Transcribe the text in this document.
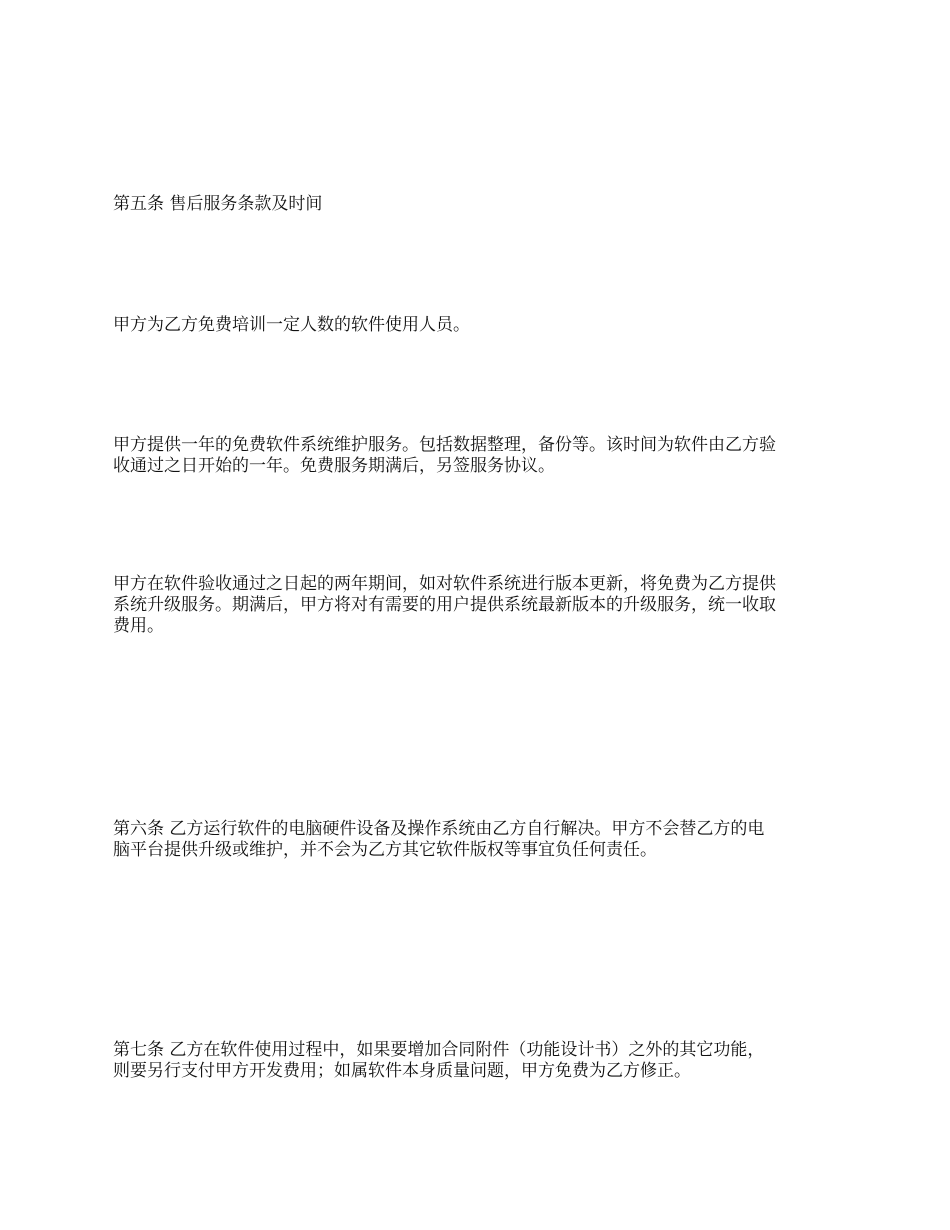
第五条 售后服务条款及时间

甲方为乙方免费培训一定人数的软件使用人员。

甲方提供一年的免费软件系统维护服务。包括数据整理，备份等。该时间为软件由乙方验
收通过之日开始的一年。免费服务期满后，另签服务协议。

甲方在软件验收通过之日起的两年期间，如对软件系统进行版本更新，将免费为乙方提供
系统升级服务。期满后，甲方将对有需要的用户提供系统最新版本的升级服务，统一收取
费用。

第六条 乙方运行软件的电脑硬件设备及操作系统由乙方自行解决。甲方不会替乙方的电
脑平台提供升级或维护，并不会为乙方其它软件版权等事宜负任何责任。

第七条 乙方在软件使用过程中，如果要增加合同附件（功能设计书）之外的其它功能，
则要另行支付甲方开发费用；如属软件本身质量问题，甲方免费为乙方修正。
